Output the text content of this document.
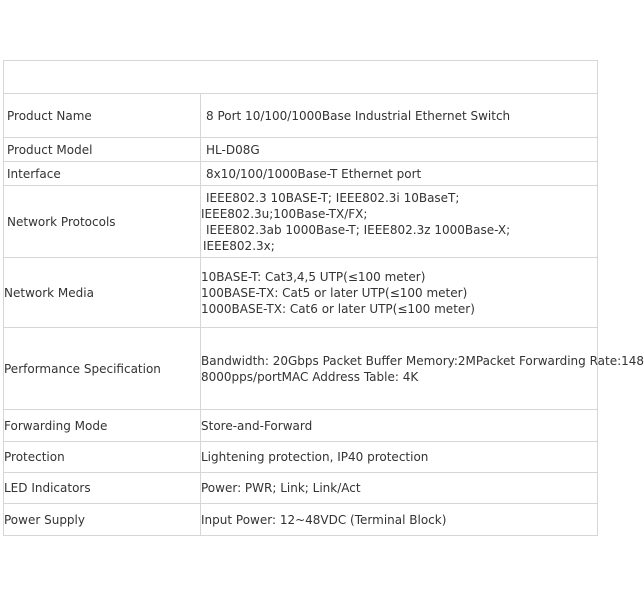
Product Name	8 Port 10/100/1000Base Industrial Ethernet Switch
Product Model	HL-D08G
Interface	8x10/100/1000Base-T Ethernet port
Network Protocols	IEEE802.3 10BASE-T; IEEE802.3i 10BaseT;
IEEE802.3u;100Base-TX/FX;
IEEE802.3ab 1000Base-T; IEEE802.3z 1000Base-X;
IEEE802.3x;

Network Media	10BASE-T: Cat3,4,5 UTP(≤100 meter)
100BASE-TX: Cat5 or later UTP(≤100 meter)
1000BASE-TX: Cat6 or later UTP(≤100 meter)

Performance Specification	Bandwidth: 20Gbps Packet Buffer Memory:2MPacket Forwarding Rate:148
8000pps/portMAC Address Table: 4K

Forwarding Mode	Store-and-Forward
Protection	Lightening protection, IP40 protection
LED Indicators	Power: PWR; Link; Link/Act
Power Supply	Input Power: 12~48VDC (Terminal Block)
